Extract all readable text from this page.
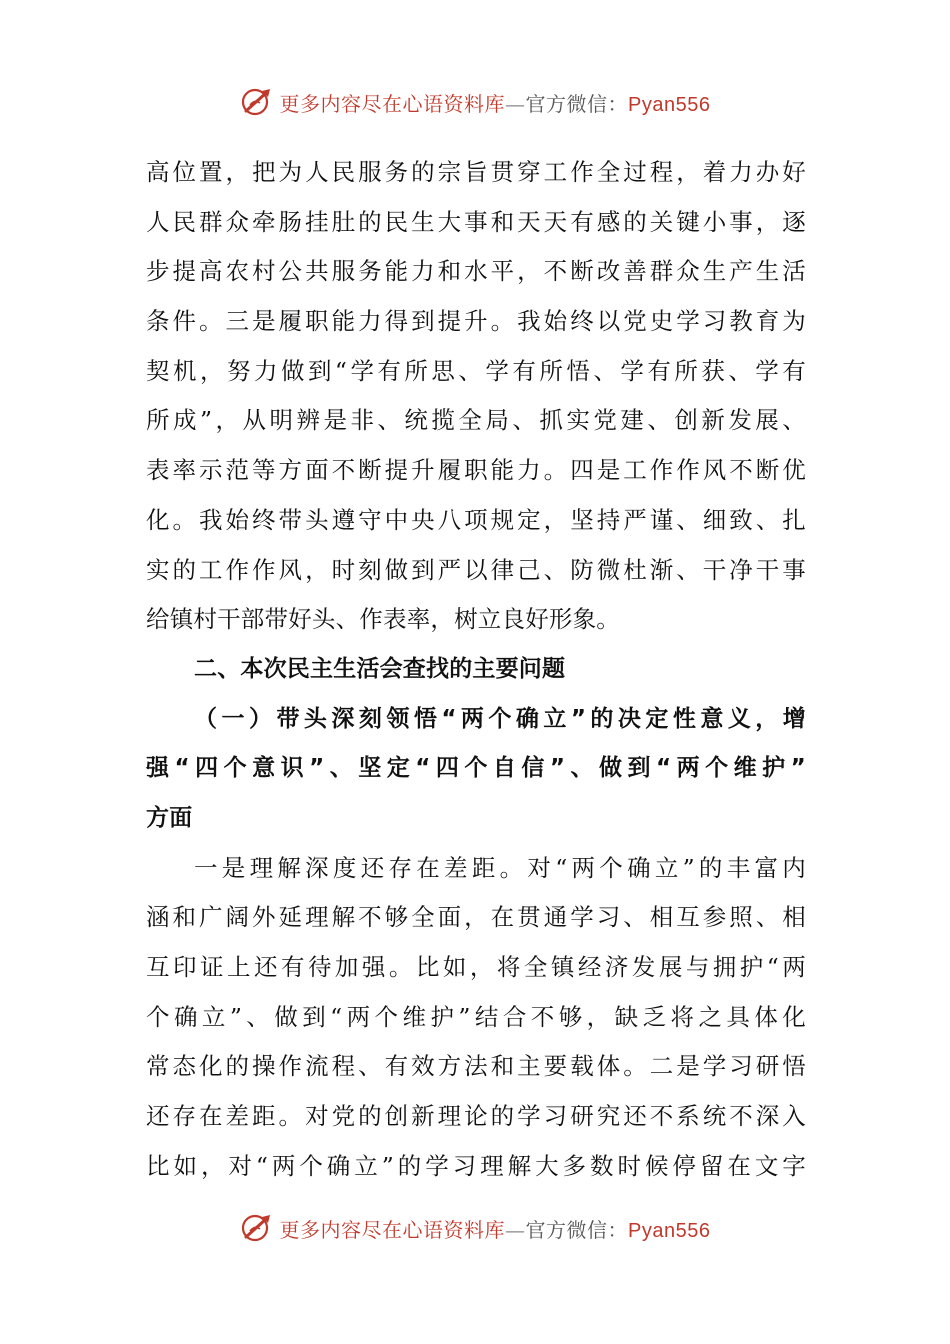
更多内容尽在心语资料库—官方微信：Pyan556
高位置，把为人民服务的宗旨贯穿工作全过程，着力办好
人民群众牵肠挂肚的民生大事和天天有感的关键小事，逐
步提高农村公共服务能力和水平，不断改善群众生产生活
条件。三是履职能力得到提升。我始终以党史学习教育为
契机，努力做到“学有所思、学有所悟、学有所获、学有
所成”，从明辨是非、统揽全局、抓实党建、创新发展、
表率示范等方面不断提升履职能力。四是工作作风不断优
化。我始终带头遵守中央八项规定，坚持严谨、细致、扎
实的工作作风，时刻做到严以律己、防微杜渐、干净干事
给镇村干部带好头、作表率，树立良好形象。
二、本次民主生活会查找的主要问题
（一）带头深刻领悟“两个确立”的决定性意义，增
强“四个意识”、坚定“四个自信”、做到“两个维护”
方面
一是理解深度还存在差距。对“两个确立”的丰富内
涵和广阔外延理解不够全面，在贯通学习、相互参照、相
互印证上还有待加强。比如，将全镇经济发展与拥护“两
个确立”、做到“两个维护”结合不够，缺乏将之具体化
常态化的操作流程、有效方法和主要载体。二是学习研悟
还存在差距。对党的创新理论的学习研究还不系统不深入
比如，对“两个确立”的学习理解大多数时候停留在文字
更多内容尽在心语资料库—官方微信：Pyan556
